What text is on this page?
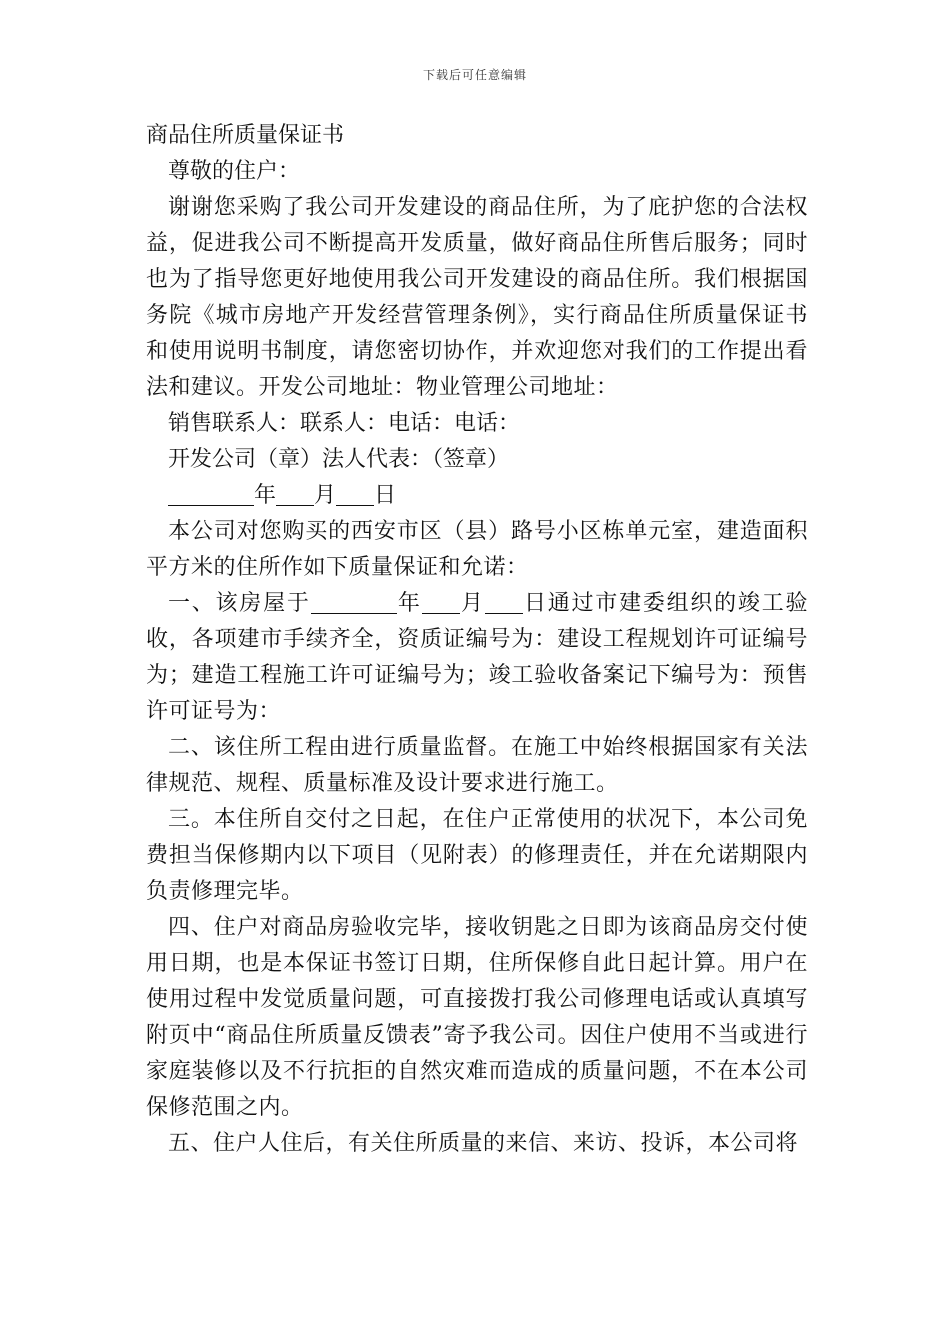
下载后可任意编辑
商品住所质量保证书
尊敬的住户：

谢谢您采购了我公司开发建设的商品住所，为了庇护您的合法权益，促进我公司不断提高开发质量，做好商品住所售后服务；同时也为了指导您更好地使用我公司开发建设的商品住所。我们根据国务院《城市房地产开发经营管理条例》，实行商品住所质量保证书和使用说明书制度，请您密切协作，并欢迎您对我们的工作提出看法和建议。开发公司地址：物业管理公司地址：

销售联系人：联系人：电话：电话：
开发公司（章）法人代表：（签章）
年 月 日

本公司对您购买的西安市区（县）路号小区栋单元室，建造面积平方米的住所作如下质量保证和允诺：

一、该房屋于	年 月 日通过市建委组织的竣工验收，各项建市手续齐全，资质证编号为：建设工程规划许可证编号为；建造工程施工许可证编号为；竣工验收备案记下编号为：预售许可证号为：

二、该住所工程由进行质量监督。在施工中始终根据国家有关法律规范、规程、质量标准及设计要求进行施工。

三。本住所自交付之日起，在住户正常使用的状况下，本公司免费担当保修期内以下项目（见附表）的修理责任，并在允诺期限内负责修理完毕。

四、住户对商品房验收完毕，接收钥匙之日即为该商品房交付使用日期，也是本保证书签订日期，住所保修自此日起计算。用户在使用过程中发觉质量问题，可直接拨打我公司修理电话或认真填写附页中“商品住所质量反馈表”寄予我公司。因住户使用不当或进行家庭装修以及不行抗拒的自然灾难而造成的质量问题，不在本公司保修范围之内。

五、住户人住后，有关住所质量的来信、来访、投诉，本公司将
